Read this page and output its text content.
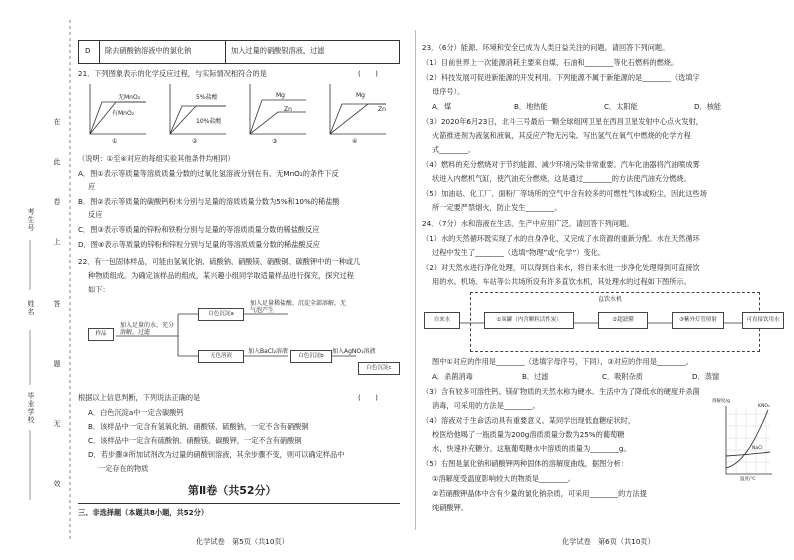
在
此
卷
上
答
题
无
效
考生号
姓名
毕业学校
D 除去硝酸钠溶液中的氯化钠	加入过量的硝酸银溶液，过滤
21．下列图象表示的化学反应过程，与实际情况相符合的是	(　　)
无MnO₂
有MnO₂
5%盐酸
10%盐酸
Mg
Zn
Mg
Zn
①	②	③	④
（说明：①至④对应的每组实验其他条件均相同）
A．图①表示等质量等溶质质量分数的过氧化氢溶液分别在有、无MnO₂的条件下反
应
B．图②表示等质量的碳酸钙粉末分别与足量的溶质质量分数为5%和10%的稀盐酸
反应
C．图③表示等质量的锌粉和铁粉分别与足量的等溶质质量分数的稀盐酸反应
D．图④表示等质量的锌粉和锌粒分别与足量的等溶质质量分数的稀盐酸反应
22．有一包固体样品，可能由氢氧化钠、硫酸钠、硝酸镁、硝酸铜、碳酸钾中的一种或几
种物质组成。为确定该样品的组成，某兴趣小组同学取适量样品进行探究，探究过程
如下：
样品
加入足量的水、充分溶解，过滤
白色沉淀a
加入足量稀盐酸，沉淀全部溶解，无气泡产生
无色溶液
加入BaCl₂溶液
白色沉淀b
加入AgNO₃溶液
白色沉淀c
根据以上信息判断，下列说法正确的是	(　　)
A．白色沉淀a中一定含碳酸钙
B．该样品中一定含有氢氧化钠、硝酸镁、硫酸钠，一定不含有硝酸铜
C．该样品中一定含有硫酸钠、硝酸镁、碳酸钾，一定不含有硝酸铜
D．若步骤③所加试剂改为过量的硝酸钡溶液，其余步骤不变，则可以确定样品中
一定存在的物质
第Ⅱ卷（共52分）
三、非选择题（本题共8小题，共52分）
化学试卷　第5页（共10页）
23．（6分）能源、环境和安全已成为人类日益关注的问题。请回答下列问题。
（1）目前世界上一次能源消耗主要来自煤、石油和________等化石燃料的燃烧。
（2）科技发展可促进新能源的开发利用。下列能源不属于新能源的是________（选填字
母序号）。
A．煤	B．地热能	C．太阳能	D．核能
（3）2020年6月23日，北斗三号最后一颗全球组网卫星在西昌卫星发射中心点火发射，
火箭推进剂为液氢和液氧，其反应产物无污染。写出氢气在氧气中燃烧的化学方程
式________。
（4）燃料的充分燃烧对于节约能源、减少环境污染非常重要。汽车化油器将汽油喷成雾
状进入内燃机气缸，使汽油充分燃烧，这是通过________的方法使汽油充分燃烧。
（5）加油站、化工厂、面粉厂等场所的空气中含有较多的可燃性气体或粉尘，因此这些场
所一定要严禁烟火，防止发生________。
24．（7分）水和溶液在生活、生产中应用广泛。请回答下列问题。
（1）水的天然循环既实现了水的自身净化，又完成了水资源的重新分配。水在天然循环
过程中发生了________（选填“物理”或“化学”）变化。
（2）对天然水进行净化处理，可以得到自来水，将自来水进一步净化处理得到可直接饮
用的水。机场、车站等公共场所设有许多直饮水机，其处理水的过程如下图所示。
直饮水机
自来水	①炭罐（内含颗粒活性炭）	②超滤膜	③紫外灯管照射	可直接饮用水
图中①对应的作用是________（选填字母序号，下同），③对应的作用是________。
A．杀菌消毒	B．过滤	C．吸附杂质	D．蒸馏
（3）含有较多可溶性钙、镁矿物质的天然水称为硬水。生活中为了降低水的硬度并杀菌
消毒，可采用的方法是________。
（4）溶液对于生命活动具有重要意义。某同学出现低血糖症状时，
校医给他喝了一瓶质量为200g溶质质量分数为25%的葡萄糖
水，快速补充糖分。这瓶葡萄糖水中溶质的质量为________g。
（5）右图是氯化钠和硝酸钾两种固体的溶解度曲线，据图分析：
①溶解度受温度影响较大的物质是________。
②若硝酸钾晶体中含有少量的氯化钠杂质，可采用________的方法提
纯硝酸钾。
KNO₃
NaCl
溶解度/g
温度/℃
化学试卷　第6页（共10页）
